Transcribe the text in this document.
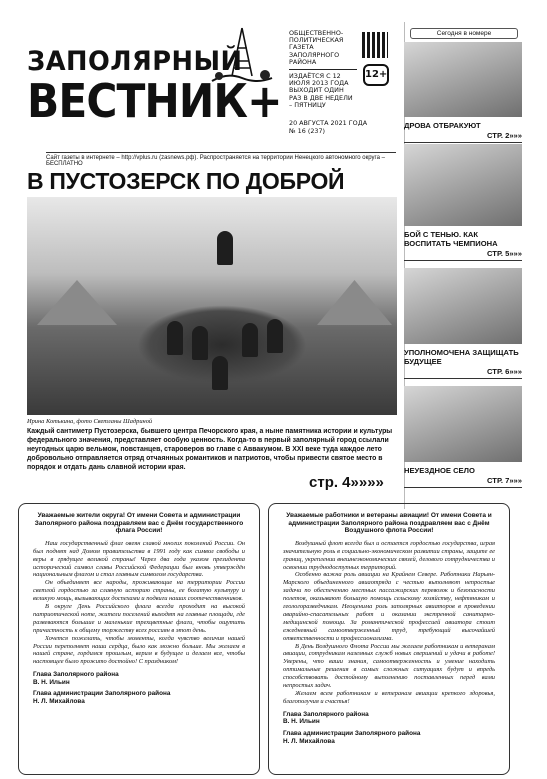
ЗАПОЛЯРНЫЙ
ВЕСТНИК+
ОБЩЕСТВЕННО-ПОЛИТИЧЕСКАЯ ГАЗЕТА ЗАПОЛЯРНОГО РАЙОНА
ИЗДАЁТСЯ С 12 ИЮЛЯ 2013 ГОДА ВЫХОДИТ ОДИН РАЗ В ДВЕ НЕДЕЛИ – ПЯТНИЦУ
12+
20 АВГУСТА 2021 ГОДА
№ 16 (237)
Сайт газеты в интернете – http://vplus.ru (zasnews.pф). Распространяется на территории Ненецкого автономного округа – БЕСПЛАТНО
В ПУСТОЗЕРСК ПО ДОБРОЙ
Ирина Котькина, фото Светланы Шадриной
Каждый сантиметр Пустозерска, бывшего центра Печорского края, а ныне памятника истории и культуры федерального значения, представляет особую ценность. Когда-то в первый заполярный город ссылали неугодных царю вельмож, повстанцев, староверов во главе с Аввакумом. В XXI веке туда каждое лето добровольно отправляется отряд отчаянных романтиков и патриотов, чтобы привести святое место в порядок и отдать дань славной истории края.
стр. 4»»»»
Сегодня в номере
ДРОВА ОТБРАКУЮТ
СТР. 2»»»
БОЙ С ТЕНЬЮ. КАК ВОСПИТАТЬ ЧЕМПИОНА
СТР. 5»»»
УПОЛНОМОЧЕНА ЗАЩИЩАТЬ БУДУЩЕЕ
СТР. 6»»»
НЕУЕЗДНОЕ СЕЛО
СТР. 7»»»
Уважаемые жители округа! От имени Совета и администрации Заполярного района поздравляем вас с Днём государственного флага России!

Наш государственный флаг овеян славой многих поколений России. Он был поднят над Домом правительства в 1991 году как символ свободы и веры в грядущее великой страны! Через два года указом президента исторический символ славы Российской Федерации был вновь утверждён национальным флагом и стал главным символом государства.

Он объединяет все народы, проживающие на территории России светлой гордостью за славную историю страны, ее богатую культуру и великую мощь, вызывающих доспехами и подвиги наших соотечественников.

В округе День Российского флага всегда проходит на высокой патриотической ноте, жители поселений выходят на главные площади, где развеваются большие и маленькие трехцветные флаги, чтобы ощутить причастность к общему торжеству всех россиян в этот день.

Хочется пожелать, чтобы моменты, когда чувство величия нашей России переполняет наши сердца, было как можно больше. Мы желаем в нашей стране, гордимся прошлым, верим в будущее и делаем все, чтобы настоящее было прожито достойно! С праздником!

Глава Заполярного района
В. Н. Ильин
Глава администрации Заполярного района
Н. Л. Михайлова
Уважаемые работники и ветераны авиации! От имени Совета и администрации Заполярного района поздравляем вас с Днём Воздушного флота России!

Воздушный флот всегда был и остается гордостью государства, играя значительную роль в социально-экономическом развитии страны, защите ее границ, укреплении внешнеэкономических связей, делового сотрудничества и освоении труднодоступных территорий.

Особенно важна роль авиации на Крайнем Севере. Работники Нарьян-Марского объединенного авиаотряда с честью выполняют непростые задачи по обеспечению местных пассажирских перевозок и безопасности полетов, оказывают большую помощь сельскому хозяйству, нефтяникам и геологоразведчикам. Неоценима роль заполярных авиаторов в проведении аварийно-спасательных работ и оказании экстренной санитарно-медицинской помощи. За романтической профессией авиатора стоит ежедневный самоотверженный труд, требующий высочайшей ответственности и профессионализма.

В День Воздушного Флота России мы желаем работникам и ветеранам авиации, сотрудникам наземных служб новых свершений и удачи в работе! Уверены, что ваши знания, самоотверженность и умение находить оптимальные решения в самых сложных ситуациях будут и впредь способствовать достойному выполнению поставленных перед вами непростых задач.

Желаем всем работникам и ветеранам авиации крепкого здоровья, благополучия и счастья!

Глава Заполярного района
В. Н. Ильин
Глава администрации Заполярного района
Н. Л. Михайлова
